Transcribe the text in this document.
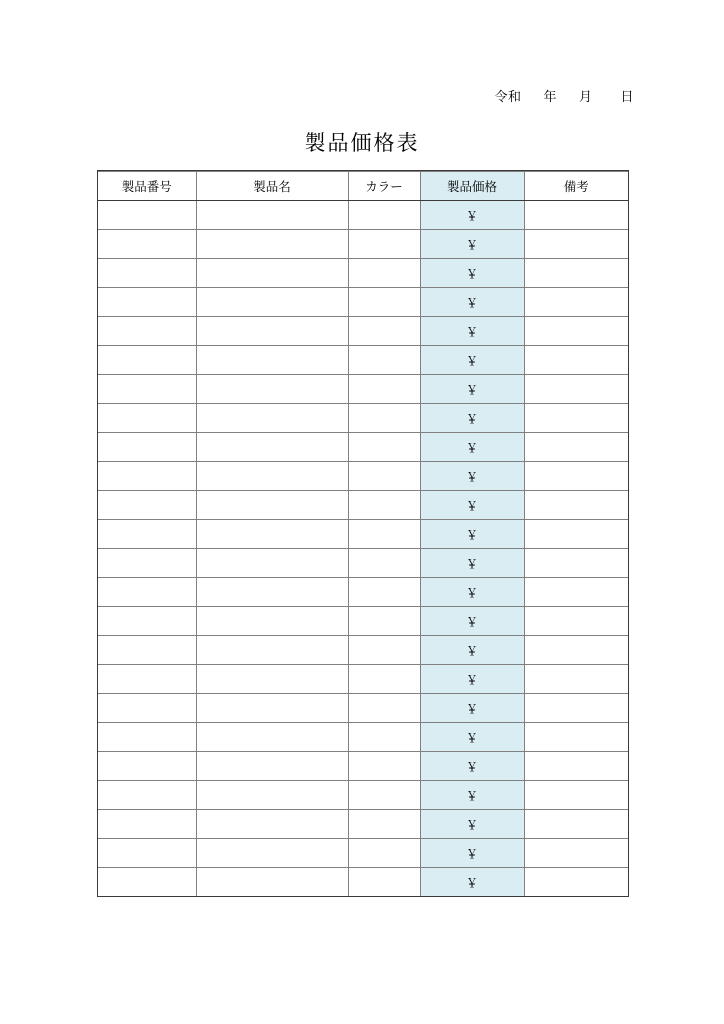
令和 年 月 日
製品価格表
製品番号	製品名	カラー	製品価格	備考
			￥	
			￥	
			￥	
			￥	
			￥	
			￥	
			￥	
			￥	
			￥	
			￥	
			￥	
			￥	
			￥	
			￥	
			￥	
			￥	
			￥	
			￥	
			￥	
			￥	
			￥	
			￥	
			￥	
			￥	
